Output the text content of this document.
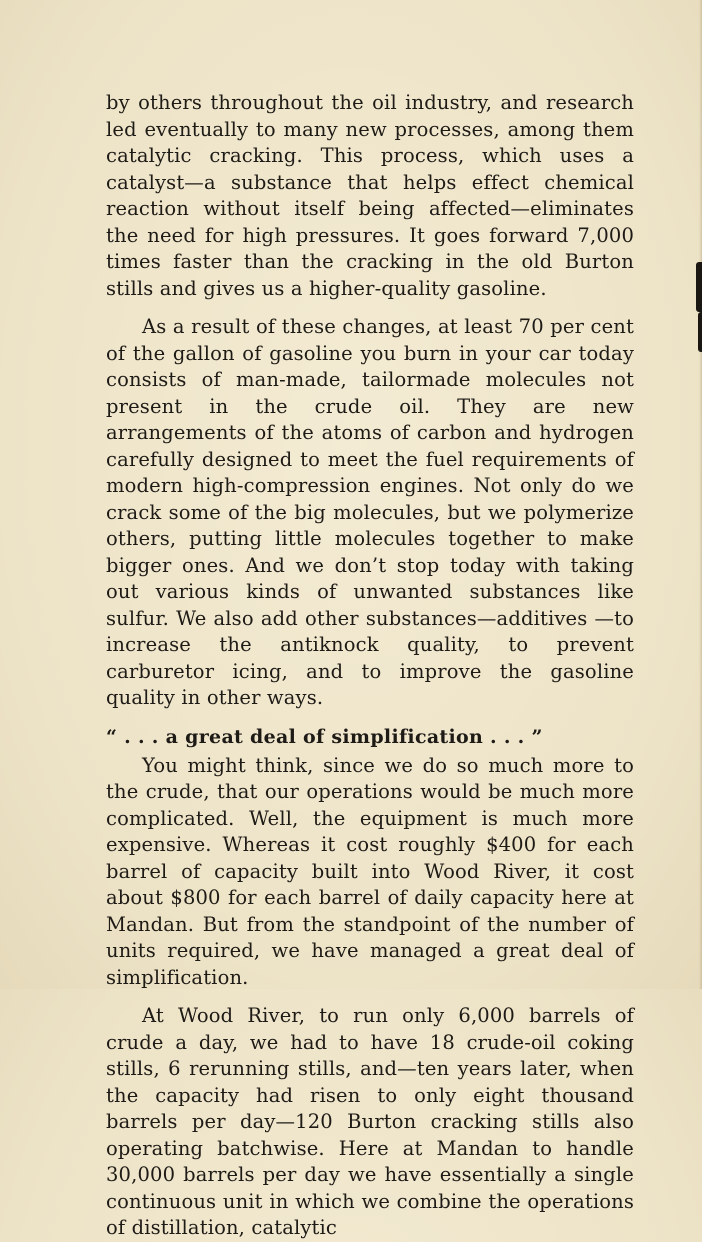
by others throughout the oil industry, and research led eventually to many new processes, among them catalytic cracking. This process, which uses a catalyst—a substance that helps effect chemical reaction without itself being affected—eliminates the need for high pressures. It goes forward 7,000 times faster than the cracking in the old Burton stills and gives us a higher-quality gasoline.

As a result of these changes, at least 70 per cent of the gallon of gasoline you burn in your car today consists of man-made, tailormade molecules not present in the crude oil. They are new arrangements of the atoms of carbon and hydrogen carefully designed to meet the fuel requirements of modern high-compression engines. Not only do we crack some of the big molecules, but we polymerize others, putting little molecules together to make bigger ones. And we don’t stop today with taking out various kinds of unwanted substances like sulfur. We also add other substances—additives —to increase the antiknock quality, to prevent carburetor icing, and to improve the gasoline quality in other ways.

“ . . . a great deal of simplification . . . ”

You might think, since we do so much more to the crude, that our operations would be much more complicated. Well, the equipment is much more expensive. Whereas it cost roughly $400 for each barrel of capacity built into Wood River, it cost about $800 for each barrel of daily capacity here at Mandan. But from the standpoint of the number of units required, we have managed a great deal of simplification.

At Wood River, to run only 6,000 barrels of crude a day, we had to have 18 crude-oil coking stills, 6 rerunning stills, and—ten years later, when the capacity had risen to only eight thousand barrels per day—120 Burton cracking stills also operating batchwise. Here at Mandan to handle 30,000 barrels per day we have essentially a single continuous unit in which we combine the operations of distillation, catalytic
